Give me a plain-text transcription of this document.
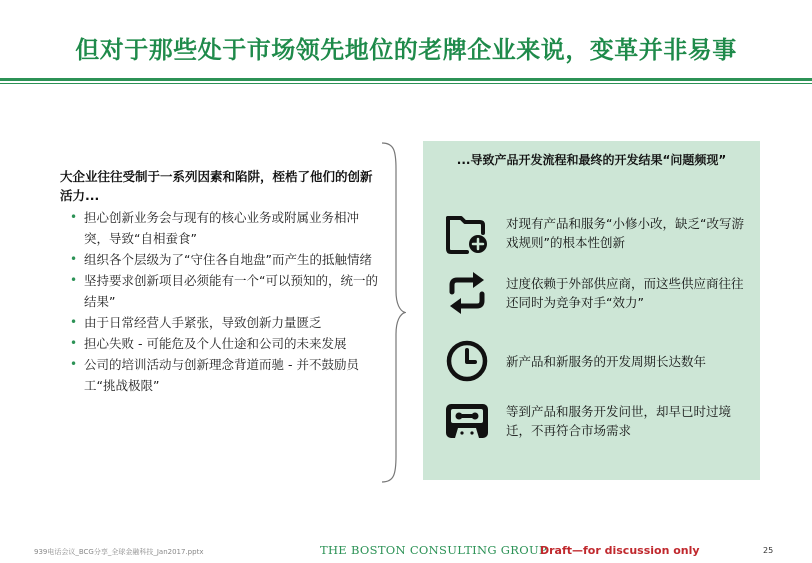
但对于那些处于市场领先地位的老牌企业来说，变革并非易事
大企业往往受制于一系列因素和陷阱，桎梏了他们的创新活力...
• 担心创新业务会与现有的核心业务或附属业务相冲突，导致“自相蚕食”
• 组织各个层级为了“守住各自地盘”而产生的抵触情绪
• 坚持要求创新项目必须能有一个“可以预知的，统一的结果”
• 由于日常经营人手紧张，导致创新力量匮乏
• 担心失败 - 可能危及个人仕途和公司的未来发展
• 公司的培训活动与创新理念背道而驰 - 并不鼓励员工“挑战极限”
...导致产品开发流程和最终的开发结果“问题频现”
对现有产品和服务“小修小改，缺乏“改写游戏规则”的根本性创新
过度依赖于外部供应商，而这些供应商往往还同时为竞争对手“效力”
新产品和新服务的开发周期长达数年
等到产品和服务开发问世，却早已时过境迁，不再符合市场需求
939电话会议_BCG分享_全球金融科技_Jan2017.pptx	THE BOSTON CONSULTING GROUP
Draft—for discussion only	25
